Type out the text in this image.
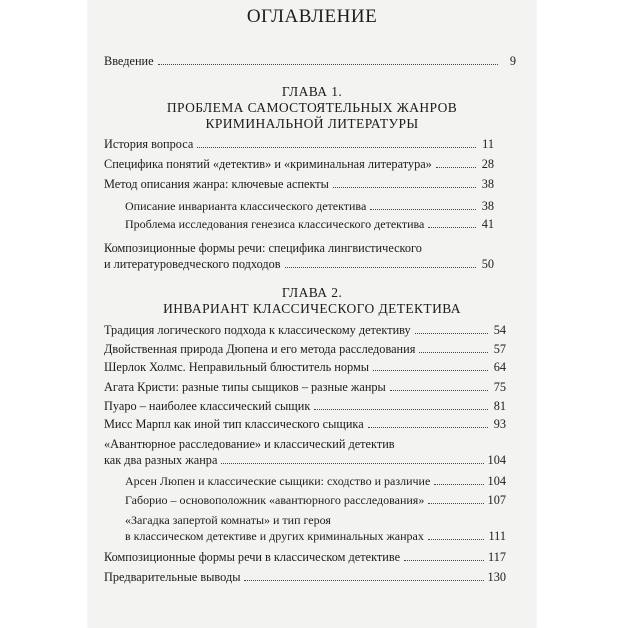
ОГЛАВЛЕНИЕ
Введение	9
ГЛАВА 1.
ПРОБЛЕМА САМОСТОЯТЕЛЬНЫХ ЖАНРОВ
КРИМИНАЛЬНОЙ ЛИТЕРАТУРЫ
История вопроса	11
Специфика понятий «детектив» и «криминальная литература»	28
Метод описания жанра: ключевые аспекты	38
Описание инварианта классического детектива	38
Проблема исследования генезиса классического детектива	41
Композиционные формы речи: специфика лингвистического
и литературоведческого подходов	50
ГЛАВА 2.
ИНВАРИАНТ КЛАССИЧЕСКОГО ДЕТЕКТИВА
Традиция логического подхода к классическому детективу	54
Двойственная природа Дюпена и его метода расследования	57
Шерлок Холмс. Неправильный блюститель нормы	64
Агата Кристи: разные типы сыщиков – разные жанры	75
Пуаро – наиболее классический сыщик	81
Мисс Марпл как иной тип классического сыщика	93
«Авантюрное расследование» и классический детектив
как два разных жанра	104
Арсен Люпен и классические сыщики: сходство и различие	104
Габорио – основоположник «авантюрного расследования»	107
«Загадка запертой комнаты» и тип героя
в классическом детективе и других криминальных жанрах	111
Композиционные формы речи в классическом детективе	117
Предварительные выводы	130
